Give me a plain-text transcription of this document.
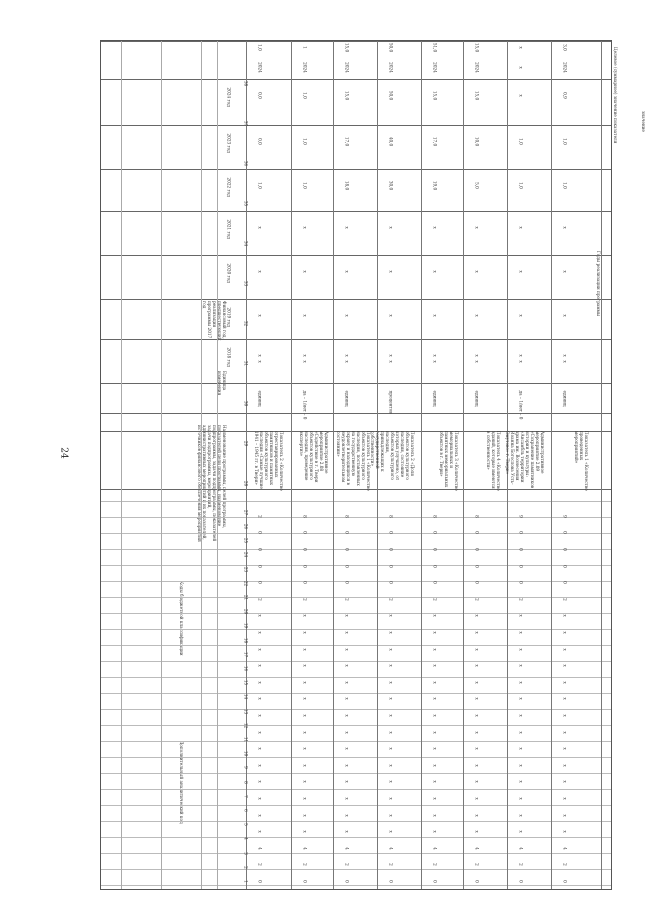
24
Целевое (суммарное) значение показателя
Годы реализации программы
Коды бюджетной классификации
Дополнительный аналитический код
Наименование программы, целей программы, показателей цели программы, наименование подпрограммы, задачи подпрограммы, показателей задачи подпрограммы, мероприятий, административных мероприятий и их показателей, источников финансового обеспечения мероприятий
Единица измерения
Финансовый год, предшествующий реализации программы 2017 год
значение
2018 год
2019 год
2020 год
2021 год
2022 год
2023 год
2024 год
1
2
3
4
5
6
7
8
9
10
11
12
13
14
15
16
17
18
19
20
21
22
23
24
25
26
27
28
29
30
31
32
33
34
35
36
37
38
Показатель 2 «Количество отреставрированных памятников и памятных объектов культурного наследия «Самые лучшие 1941 – 1945 гг. в Твери»
единиц
х
х
х
х
х
1,0
0,0
0,0
2024
1,0
0
2
4
х
х
х
х
х
х
х
х
х
х
х
х
х
х
2
0
0
0
0
2
Административное мероприятие 2.08 «Содействие в г. Твери объектов культурного наследия, проведение экспертиз»
да – 1/нет – 0
х
х
х
х
х
1,0
1,0
1,0
2024
1
0
2
4
х
х
х
х
х
х
х
х
х
х
х
х
х
х
2
0
0
0
0
8
Показатель 1 «Количество объектов культурного наследия, поставленных на государственную охрану и находящихся в неудовлетворительном состоянии»
единиц
х
х
х
х
х
18,0
17,0
15,0
2024
15,0
0
2
4
х
х
х
х
х
х
х
х
х
х
х
х
х
х
2
0
0
0
0
8
Показатель 2 «Доля объектов культурного наследия, состояние которых улучшено, от объектов культурного наследия, принадлежащих к государственной собственности»
процентов
х
х
х
х
х
30,0
40,0
50,0
2024
50,0
0
2
4
х
х
х
х
х
х
х
х
х
х
х
х
х
х
2
0
0
0
0
8
Показатель 3 «Количество мемориальных и памятных мемориальных объектов в г. Твери»
единиц
х
х
х
х
х
19,0
17,0
15,0
2024
51,0
0
2
4
х
х
х
х
х
х
х
х
х
х
х
х
х
х
2
0
0
0
0
8
Показатель 4 «Количество зданий, которые имеются в собственности»
единиц
х
х
х
х
х
5,0
10,0
15,0
2024
15,0
0
2
4
х
х
х
х
х
х
х
х
х
х
х
х
х
х
2
0
0
0
0
8
Административное мероприятие 2.09 «Сохранение памятников истории и культуры: «Ансамбль территории храма им. Вознесения Иоанна Богослова Усть-Омутово» г. Твери»
да – 1/нет – 0
х
х
х
х
х
1,0
1,0
х
х
х
0
2
4
х
х
х
х
х
х
х
х
х
х
х
х
х
х
2
0
0
0
0
9
Показатель 1 «Количество проведенных мероприятий»
единиц
х
х
х
х
х
1,0
1,0
0,9
2024
3,0
0
2
4
х
х
х
х
х
х
х
х
х
х
х
х
х
х
2
0
0
0
0
9
